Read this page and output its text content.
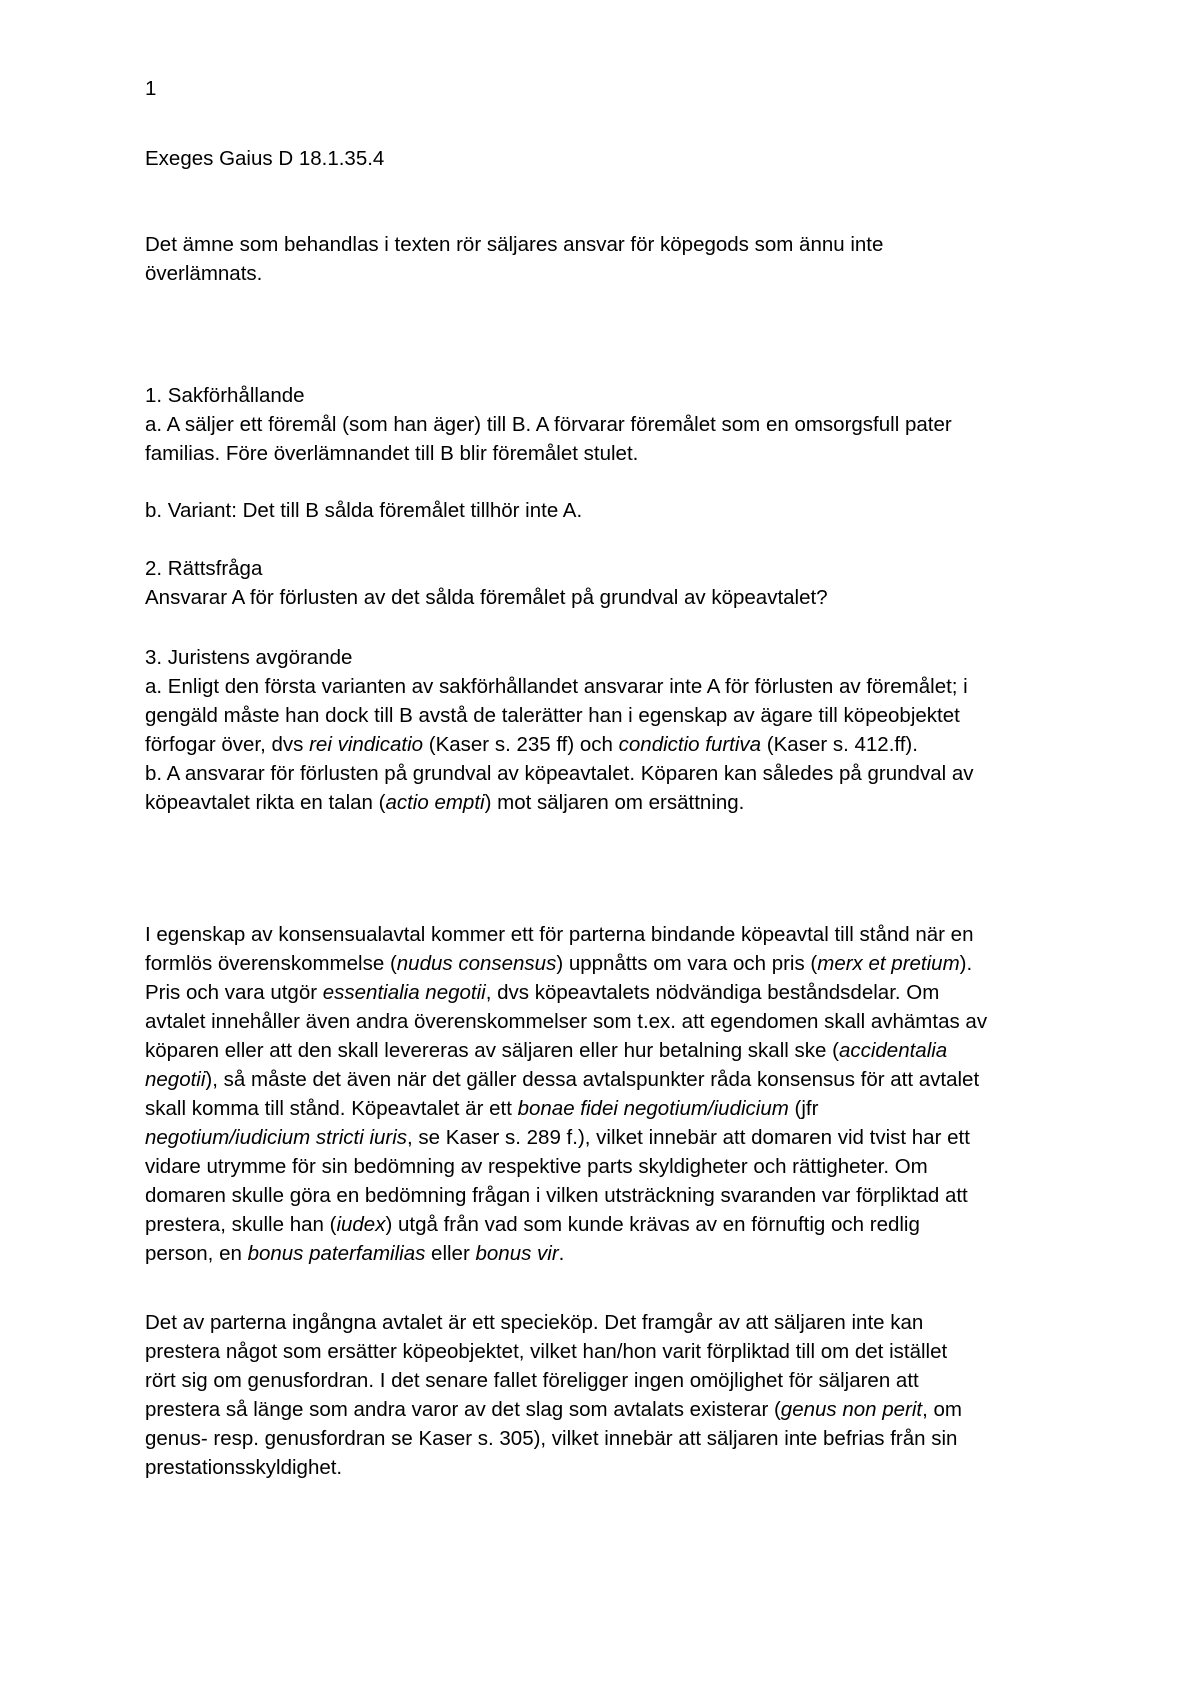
1
Exeges Gaius D 18.1.35.4
Det ämne som behandlas i texten rör säljares ansvar för köpegods som ännu inte
överlämnats.
1. Sakförhållande
a. A säljer ett föremål (som han äger) till B. A förvarar föremålet som en omsorgsfull pater
familias. Före överlämnandet till B blir föremålet stulet.
b. Variant: Det till B sålda föremålet tillhör inte A.
2. Rättsfråga
Ansvarar A för förlusten av det sålda föremålet på grundval av köpeavtalet?
3. Juristens avgörande
a. Enligt den första varianten av sakförhållandet ansvarar inte A för förlusten av föremålet; i
gengäld måste han dock till B avstå de talerätter han i egenskap av ägare till köpeobjektet
förfogar över, dvs rei vindicatio (Kaser s. 235 ff) och condictio furtiva (Kaser s. 412.ff).
b. A ansvarar för förlusten på grundval av köpeavtalet. Köparen kan således på grundval av
köpeavtalet rikta en talan (actio empti) mot säljaren om ersättning.
I egenskap av konsensualavtal kommer ett för parterna bindande köpeavtal till stånd när en
formlös överenskommelse (nudus consensus) uppnåtts om vara och pris (merx et pretium).
Pris och vara utgör essentialia negotii, dvs köpeavtalets nödvändiga beståndsdelar. Om
avtalet innehåller även andra överenskommelser som t.ex. att egendomen skall avhämtas av
köparen eller att den skall levereras av säljaren eller hur betalning skall ske (accidentalia
negotii), så måste det även när det gäller dessa avtalspunkter råda konsensus för att avtalet
skall komma till stånd. Köpeavtalet är ett bonae fidei negotium/iudicium (jfr
negotium/iudicium stricti iuris, se Kaser s. 289 f.), vilket innebär att domaren vid tvist har ett
vidare utrymme för sin bedömning av respektive parts skyldigheter och rättigheter. Om
domaren skulle göra en bedömning frågan i vilken utsträckning svaranden var förpliktad att
prestera, skulle han (iudex) utgå från vad som kunde krävas av en förnuftig och redlig
person, en bonus paterfamilias eller bonus vir.
Det av parterna ingångna avtalet är ett specieköp. Det framgår av att säljaren inte kan
prestera något som ersätter köpeobjektet, vilket han/hon varit förpliktad till om det istället
rört sig om genusfordran. I det senare fallet föreligger ingen omöjlighet för säljaren att
prestera så länge som andra varor av det slag som avtalats existerar (genus non perit, om
genus- resp. genusfordran se Kaser s. 305), vilket innebär att säljaren inte befrias från sin
prestationsskyldighet.
